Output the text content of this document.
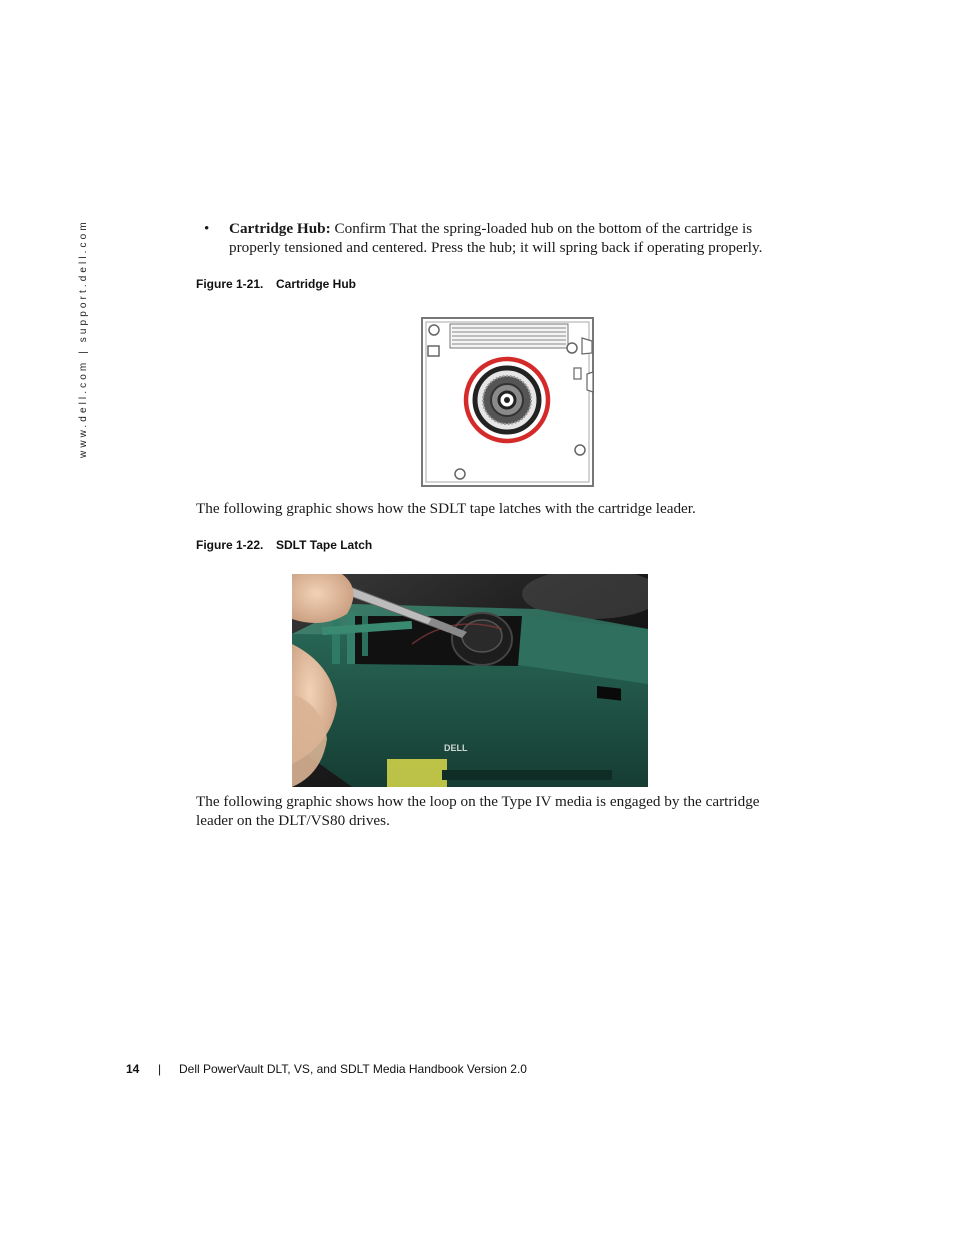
www.dell.com | support.dell.com	• Cartridge Hub: Confirm That the spring-loaded hub on the bottom of the cartridge is properly tensioned and centered. Press the hub; it will spring back if operating properly.
Figure 1-21. Cartridge Hub
The following graphic shows how the SDLT tape latches with the cartridge leader.
Figure 1-22. SDLT Tape Latch
DELL
The following graphic shows how the loop on the Type IV media is engaged by the cartridge leader on the DLT/VS80 drives.
14 | Dell PowerVault DLT, VS, and SDLT Media Handbook Version 2.0
